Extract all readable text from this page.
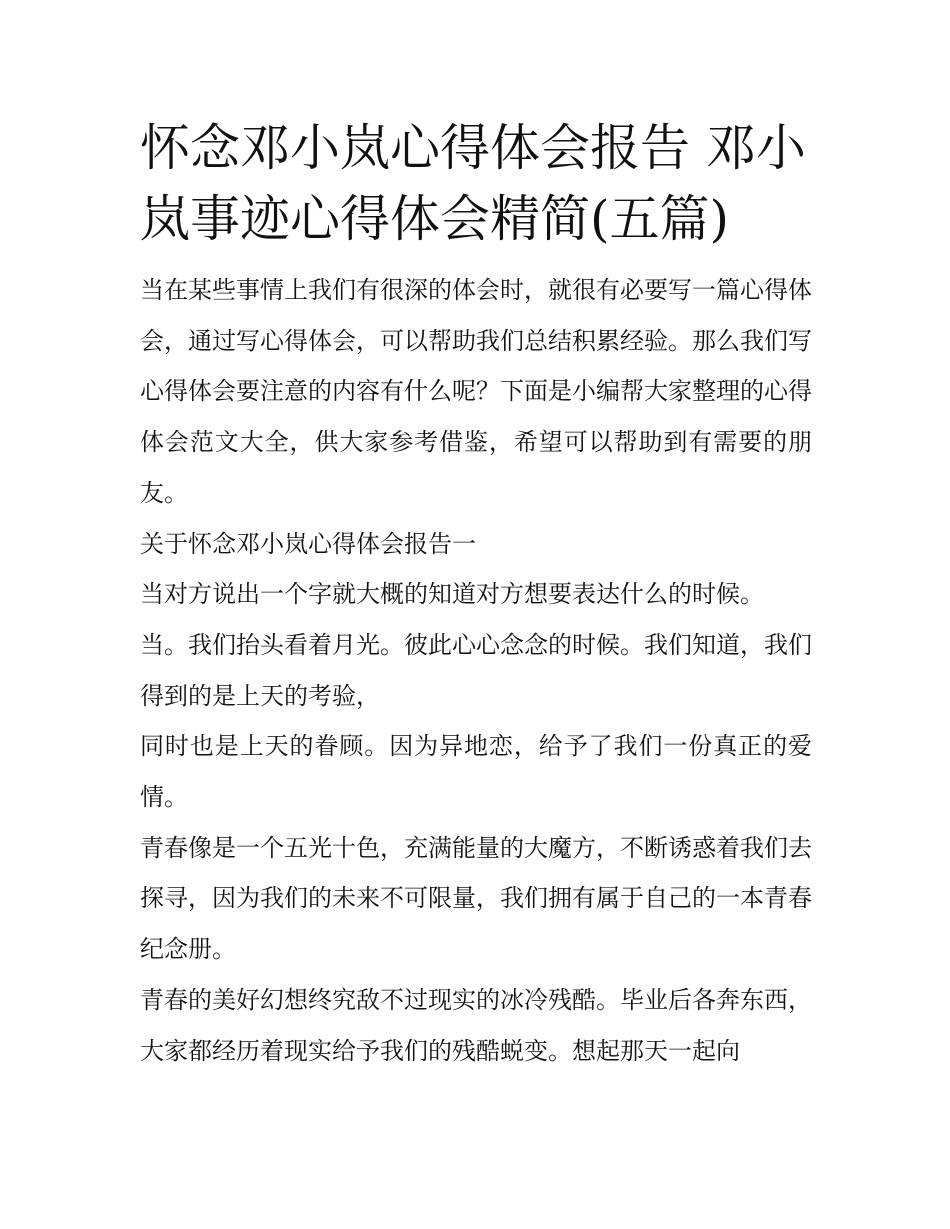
怀念邓小岚心得体会报告 邓小岚事迹心得体会精简(五篇)

当在某些事情上我们有很深的体会时，就很有必要写一篇心得体会，通过写心得体会，可以帮助我们总结积累经验。那么我们写心得体会要注意的内容有什么呢？下面是小编帮大家整理的心得体会范文大全，供大家参考借鉴，希望可以帮助到有需要的朋友。

关于怀念邓小岚心得体会报告一

当对方说出一个字就大概的知道对方想要表达什么的时候。

当。我们抬头看着月光。彼此心心念念的时候。我们知道，我们得到的是上天的考验，

同时也是上天的眷顾。因为异地恋，给予了我们一份真正的爱情。

青春像是一个五光十色，充满能量的大魔方，不断诱惑着我们去探寻，因为我们的未来不可限量，我们拥有属于自己的一本青春纪念册。

青春的美好幻想终究敌不过现实的冰冷残酷。毕业后各奔东西，大家都经历着现实给予我们的残酷蜕变。想起那天一起向
